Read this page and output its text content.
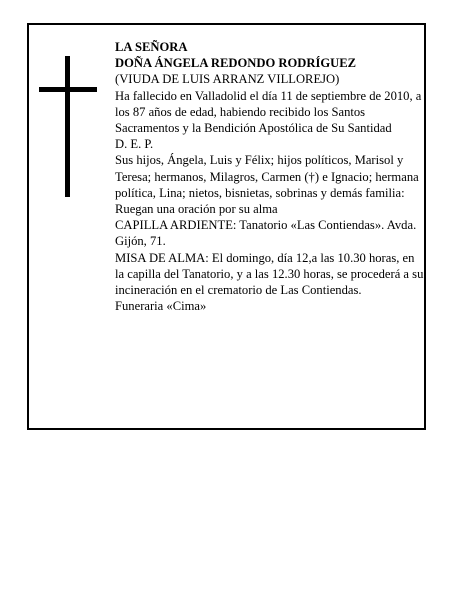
LA SEÑORA

DOÑA ÁNGELA REDONDO RODRÍGUEZ

(VIUDA DE LUIS ARRANZ VILLOREJO)

Ha fallecido en Valladolid el día 11 de septiembre de 2010, a los 87 años de edad, habiendo recibido los Santos Sacramentos y la Bendición Apostólica de Su Santidad

D. E. P.

Sus hijos, Ángela, Luis y Félix; hijos políticos, Marisol y Teresa; hermanos, Milagros, Carmen (†) e Ignacio; hermana política, Lina; nietos, bisnietas, sobrinas y demás familia:

Ruegan una oración por su alma

CAPILLA ARDIENTE: Tanatorio «Las Contiendas». Avda. Gijón, 71.

MISA DE ALMA: El domingo, día 12,a las 10.30 horas, en la capilla del Tanatorio, y a las 12.30 horas, se procederá a su incineración en el crematorio de Las Contiendas.

Funeraria «Cima»
